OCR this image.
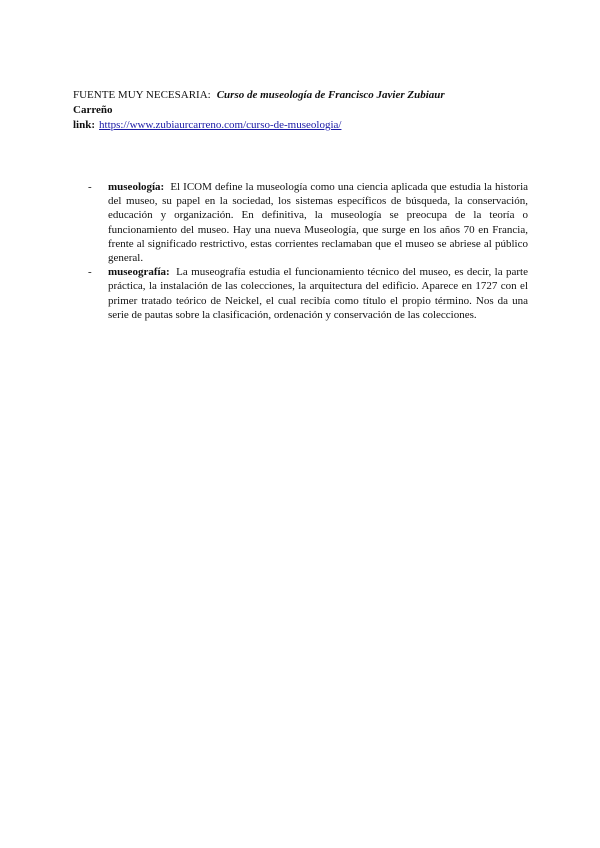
FUENTE MUY NECESARIA: Curso de museología de Francisco Javier Zubiaur
Carreño
link: https://www.zubiaurcarreno.com/curso-de-museologia/
- museología: El ICOM define la museología como una ciencia aplicada que estudia la historia del museo, su papel en la sociedad, los sistemas específicos de búsqueda, la conservación, educación y organización. En definitiva, la museología se preocupa de la teoría o funcionamiento del museo. Hay una nueva Museología, que surge en los años 70 en Francia, frente al significado restrictivo, estas corrientes reclamaban que el museo se abriese al público general.
- museografía: La museografía estudia el funcionamiento técnico del museo, es decir, la parte práctica, la instalación de las colecciones, la arquitectura del edificio. Aparece en 1727 con el primer tratado teórico de Neickel, el cual recibía como título el propio término. Nos da una serie de pautas sobre la clasificación, ordenación y conservación de las colecciones.
